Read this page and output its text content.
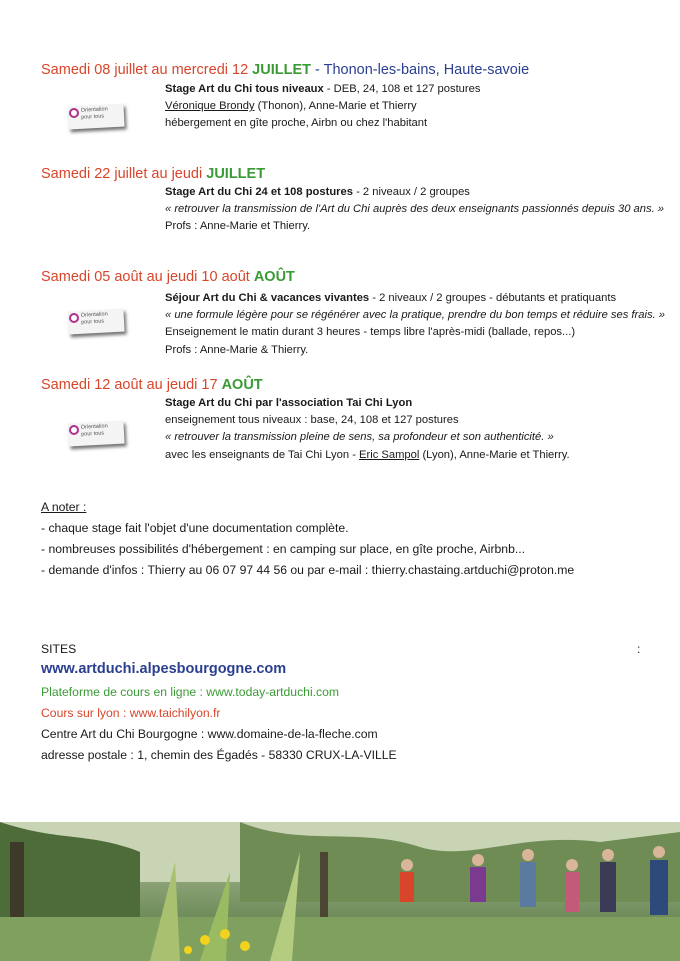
Samedi 08 juillet au mercredi 12 JUILLET - Thonon-les-bains, Haute-savoie
Stage Art du Chi tous niveaux - DEB, 24, 108 et 127 postures
Véronique Brondy (Thonon), Anne-Marie et Thierry
hébergement en gîte proche, Airbn ou chez l'habitant
Orientation
pour tous
Samedi 22 juillet au jeudi JUILLET
Stage Art du Chi 24 et 108 postures - 2 niveaux / 2 groupes
« retrouver la transmission de l'Art du Chi auprès des deux enseignants passionnés depuis 30 ans. »
Profs : Anne-Marie et Thierry.
Samedi 05 août au jeudi 10 août AOÛT
Séjour Art du Chi & vacances vivantes - 2 niveaux / 2 groupes - débutants et pratiquants
« une formule légère pour se régénérer avec la pratique, prendre du bon temps et réduire ses frais. »
Enseignement le matin durant 3 heures - temps libre l'après-midi (ballade, repos...)
Profs : Anne-Marie & Thierry.
Orientation
pour tous
Samedi 12 août au jeudi 17 AOÛT
Stage Art du Chi par l'association Tai Chi Lyon
enseignement tous niveaux : base, 24, 108 et 127 postures
« retrouver la transmission pleine de sens, sa profondeur et son authenticité. »
avec les enseignants de Tai Chi Lyon - Eric Sampol (Lyon), Anne-Marie et Thierry.
Orientation
pour tous
A noter :
- chaque stage fait l'objet d'une documentation complète.
- nombreuses possibilités d'hébergement : en camping sur place, en gîte proche, Airbnb...
- demande d'infos : Thierry au 06 07 97 44 56 ou par e-mail : thierry.chastaing.artduchi@proton.me
SITES
www.artduchi.alpesbourgogne.com
Plateforme de cours en ligne : www.today-artduchi.com
Cours sur lyon : www.taichilyon.fr
Centre Art du Chi Bourgogne : www.domaine-de-la-fleche.com
adresse postale : 1, chemin des Égadés - 58330 CRUX-LA-VILLE
:
